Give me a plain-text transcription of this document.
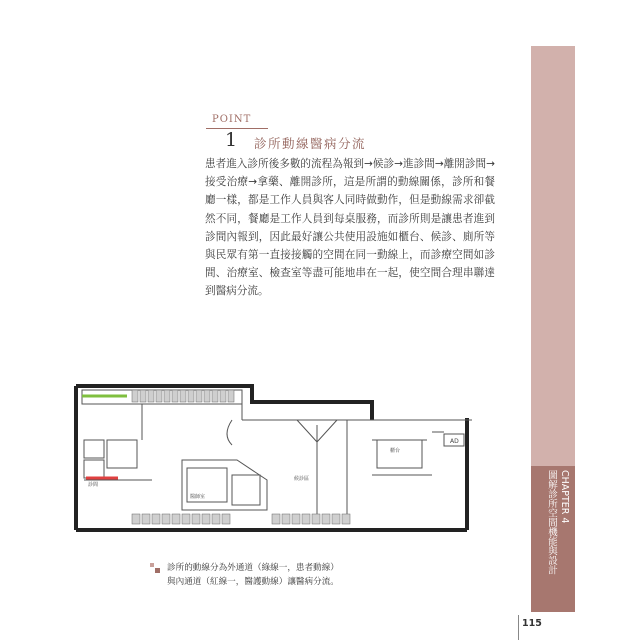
CHAPTER 4
圖解診所空間機能與設計
POINT
1 診所動線醫病分流
患者進入診所後多數的流程為報到→候診→進診間→離開診間→接受治療→拿藥、離開診所，這是所謂的動線關係，診所和餐廳一樣，都是工作人員與客人同時做動作，但是動線需求卻截然不同，餐廳是工作人員到每桌服務，而診所則是讓患者進到診間內報到，因此最好讓公共使用設施如櫃台、候診、廁所等與民眾有第一直接接觸的空間在同一動線上，而診療空間如診間、治療室、檢查室等盡可能地串在一起，使空間合理串聯達到醫病分流。
診間
醫師室
候診區
櫃台
AD
診所的動線分為外通道（綠線一，患者動線）
與內通道（紅線一，醫護動線）讓醫病分流。
115
